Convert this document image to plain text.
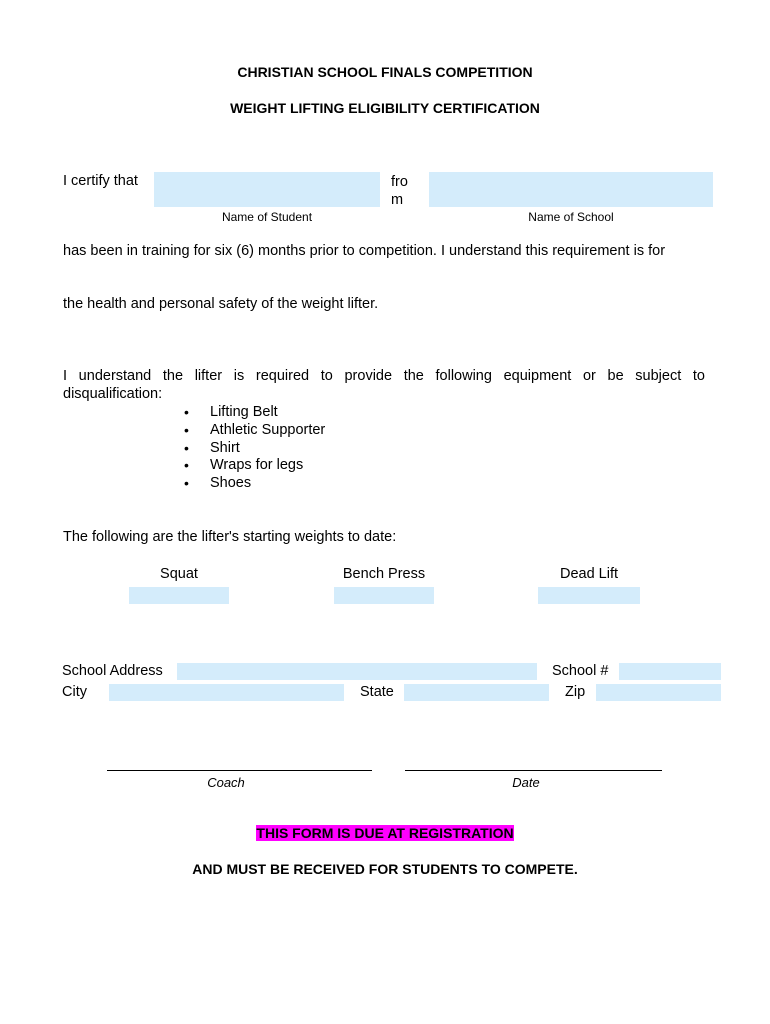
CHRISTIAN SCHOOL FINALS COMPETITION
WEIGHT LIFTING ELIGIBILITY CERTIFICATION
I certify that	fro
m
Name of Student	Name of School
has been in training for six (6) months prior to competition. I understand this requirement is for
the health and personal safety of the weight lifter.
I understand the lifter is required to provide the following equipment or be subject to
disqualification:
• Lifting Belt
• Athletic Supporter
• Shirt
• Wraps for legs
• Shoes
The following are the lifter's starting weights to date:
Squat	Bench Press	Dead Lift
School Address	School #
City	State	Zip
Coach	Date
THIS FORM IS DUE AT REGISTRATION
AND MUST BE RECEIVED FOR STUDENTS TO COMPETE.
